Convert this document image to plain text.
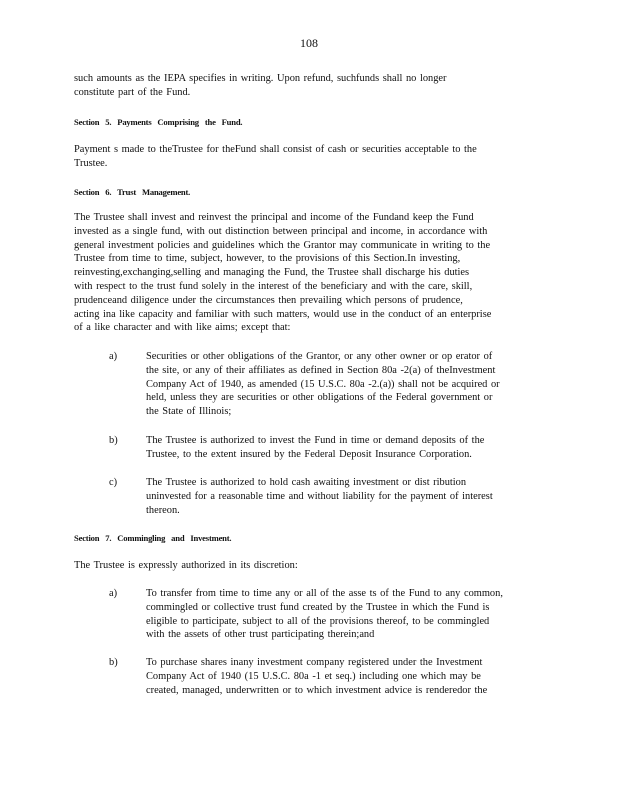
108

such amounts as the IEPA specifies in writing. Upon refund, suchfunds shall no longer
constitute part of the Fund.

Section 5. Payments Comprising the Fund.

Payment s made to theTrustee for theFund shall consist of cash or securities acceptable to the
Trustee.

Section 6. Trust Management.

The Trustee shall invest and reinvest the principal and income of the Fundand keep the Fund
invested as a single fund, with out distinction between principal and income, in accordance with
general investment policies and guidelines which the Grantor may communicate in writing to the
Trustee from time to time, subject, however, to the provisions of this Section.In investing,
reinvesting,exchanging,selling and managing the Fund, the Trustee shall discharge his duties
with respect to the trust fund solely in the interest of the beneficiary and with the care, skill,
prudenceand diligence under the circumstances then prevailing which persons of prudence,
acting ina like capacity and familiar with such matters, would use in the conduct of an enterprise
of a like character and with like aims; except that:

a)	Securities or other obligations of the Grantor, or any other owner or op erator of
the site, or any of their affiliates as defined in Section 80a -2(a) of theInvestment
Company Act of 1940, as amended (15 U.S.C. 80a -2.(a)) shall not be acquired or
held, unless they are securities or other obligations of the Federal government or
the State of Illinois;

b)	The Trustee is authorized to invest the Fund in time or demand deposits of the
Trustee, to the extent insured by the Federal Deposit Insurance Corporation.

c)	The Trustee is authorized to hold cash awaiting investment or dist ribution
uninvested for a reasonable time and without liability for the payment of interest
thereon.

Section 7. Commingling and Investment.

The Trustee is expressly authorized in its discretion:

a)	To transfer from time to time any or all of the asse ts of the Fund to any common,
commingled or collective trust fund created by the Trustee in which the Fund is
eligible to participate, subject to all of the provisions thereof, to be commingled
with the assets of other trust participating therein;and

b)	To purchase shares inany investment company registered under the Investment
Company Act of 1940 (15 U.S.C. 80a -1 et seq.) including one which may be
created, managed, underwritten or to which investment advice is renderedor the
